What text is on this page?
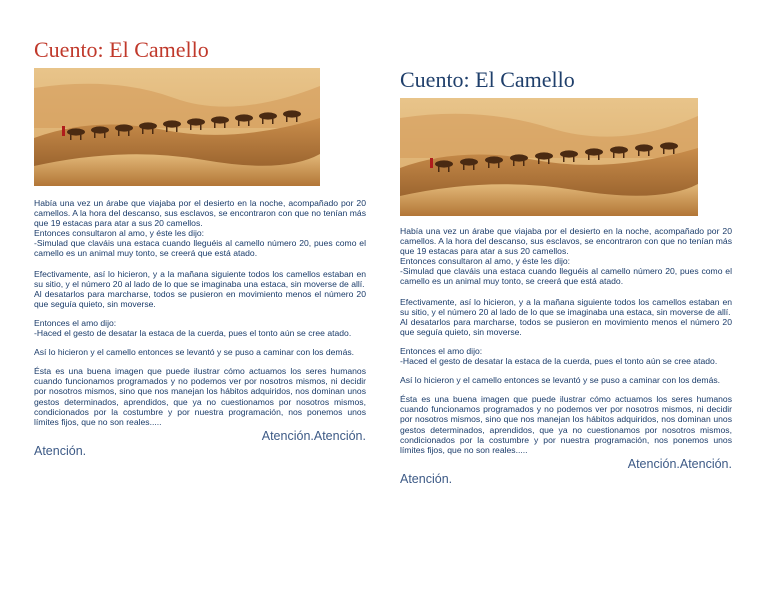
Cuento: El Camello

Había una vez un árabe que viajaba por el desierto en la noche, acompañado por 20 camellos. A la hora del descanso, sus esclavos, se encontraron con que no tenían más que 19 estacas para atar a sus 20 camellos.
Entonces consultaron al amo, y éste les dijo:
-Simulad que claváis una estaca cuando lleguéis al camello número 20, pues como el camello es un animal muy tonto, se creerá que está atado.

Efectivamente, así lo hicieron, y a la mañana siguiente todos los camellos estaban en su sitio, y el número 20 al lado de lo que se imaginaba una estaca, sin moverse de allí.
Al desatarlos para marcharse, todos se pusieron en movimiento menos el número 20 que seguía quieto, sin moverse.

Entonces el amo dijo:
-Haced el gesto de desatar la estaca de la cuerda, pues el tonto aún se cree atado.

Así lo hicieron y el camello entonces se levantó y se puso a caminar con los demás.

Ésta es una buena imagen que puede ilustrar cómo actuamos los seres humanos cuando funcionamos programados y no podemos ver por nosotros mismos, ni decidir por nosotros mismos, sino que nos manejan los hábitos adquiridos, nos dominan unos gestos determinados, aprendidos, que ya no cuestionamos por nosotros mismos, condicionados por la costumbre y por nuestra programación, nos ponemos unos límites fijos, que no son reales.....

Atención.Atención.
Atención.
Cuento: El Camello

Había una vez un árabe que viajaba por el desierto en la noche, acompañado por 20 camellos. A la hora del descanso, sus esclavos, se encontraron con que no tenían más que 19 estacas para atar a sus 20 camellos.
Entonces consultaron al amo, y éste les dijo:
-Simulad que claváis una estaca cuando lleguéis al camello número 20, pues como el camello es un animal muy tonto, se creerá que está atado.

Efectivamente, así lo hicieron, y a la mañana siguiente todos los camellos estaban en su sitio, y el número 20 al lado de lo que se imaginaba una estaca, sin moverse de allí.
Al desatarlos para marcharse, todos se pusieron en movimiento menos el número 20 que seguía quieto, sin moverse.

Entonces el amo dijo:
-Haced el gesto de desatar la estaca de la cuerda, pues el tonto aún se cree atado.

Así lo hicieron y el camello entonces se levantó y se puso a caminar con los demás.

Ésta es una buena imagen que puede ilustrar cómo actuamos los seres humanos cuando funcionamos programados y no podemos ver por nosotros mismos, ni decidir por nosotros mismos, sino que nos manejan los hábitos adquiridos, nos dominan unos gestos determinados, aprendidos, que ya no cuestionamos por nosotros mismos, condicionados por la costumbre y por nuestra programación, nos ponemos unos límites fijos, que no son reales.....

Atención.Atención.
Atención.
